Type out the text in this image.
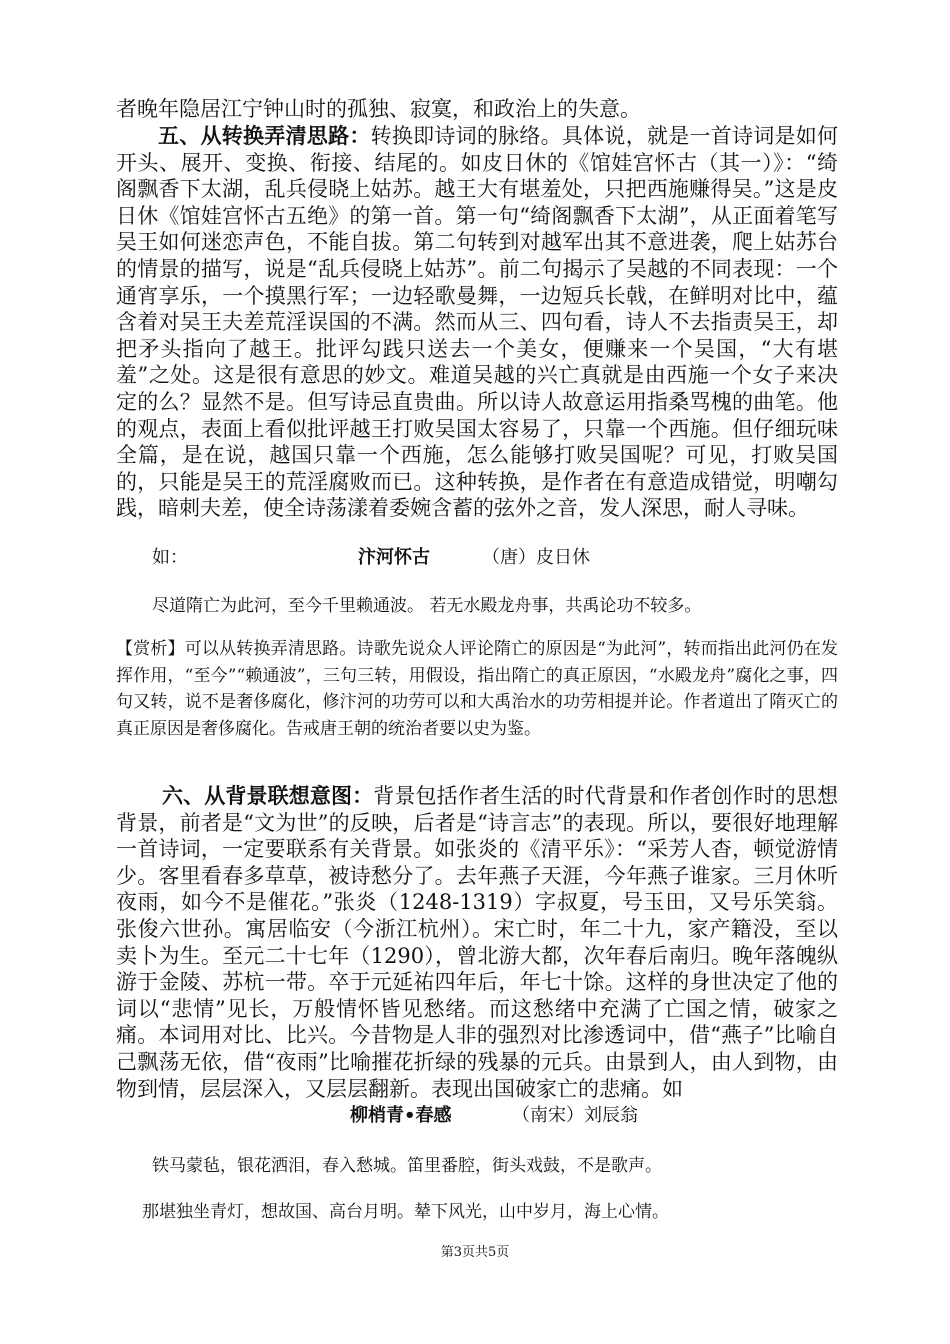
者晚年隐居江宁钟山时的孤独、寂寞，和政治上的失意。

五、从转换弄清思路：转换即诗词的脉络。具体说，就是一首诗词是如何开头、展开、变换、衔接、结尾的。如皮日休的《馆娃宫怀古（其一）》：“绮阁飘香下太湖，乱兵侵晓上姑苏。越王大有堪羞处，只把西施赚得吴。”这是皮日休《馆娃宫怀古五绝》的第一首。第一句“绮阁飘香下太湖”，从正面着笔写吴王如何迷恋声色，不能自拔。第二句转到对越军出其不意进袭，爬上姑苏台的情景的描写，说是“乱兵侵晓上姑苏”。前二句揭示了吴越的不同表现：一个通宵享乐，一个摸黑行军；一边轻歌曼舞，一边短兵长戟，在鲜明对比中，蕴含着对吴王夫差荒淫误国的不满。然而从三、四句看，诗人不去指责吴王，却把矛头指向了越王。批评勾践只送去一个美女，便赚来一个吴国，“大有堪羞”之处。这是很有意思的妙文。难道吴越的兴亡真就是由西施一个女子来决定的么？显然不是。但写诗忌直贵曲。所以诗人故意运用指桑骂槐的曲笔。他的观点，表面上看似批评越王打败吴国太容易了，只靠一个西施。但仔细玩味全篇，是在说，越国只靠一个西施，怎么能够打败吴国呢？可见，打败吴国的，只能是吴王的荒淫腐败而已。这种转换，是作者在有意造成错觉，明嘲勾践，暗刺夫差，使全诗荡漾着委婉含蓄的弦外之音，发人深思，耐人寻味。

如：	汴河怀古	（唐）皮日休
尽道隋亡为此河，至今千里赖通波。 若无水殿龙舟事，共禹论功不较多。

【赏析】可以从转换弄清思路。诗歌先说众人评论隋亡的原因是“为此河”，转而指出此河仍在发挥作用，“至今”“赖通波”，三句三转，用假设，指出隋亡的真正原因，“水殿龙舟”腐化之事，四句又转，说不是奢侈腐化，修汴河的功劳可以和大禹治水的功劳相提并论。作者道出了隋灭亡的真正原因是奢侈腐化。告戒唐王朝的统治者要以史为鉴。

六、从背景联想意图：背景包括作者生活的时代背景和作者创作时的思想背景，前者是“文为世”的反映，后者是“诗言志”的表现。所以，要很好地理解一首诗词，一定要联系有关背景。如张炎的《清平乐》：“采芳人杳，顿觉游情少。客里看春多草草，被诗愁分了。去年燕子天涯，今年燕子谁家。三月休听夜雨，如今不是催花。”张炎（1248-1319）字叔夏，号玉田，又号乐笑翁。张俊六世孙。寓居临安（今浙江杭州）。宋亡时，年二十九，家产籍没，至以卖卜为生。至元二十七年（1290），曾北游大都，次年春后南归。晚年落魄纵游于金陵、苏杭一带。卒于元延祐四年后，年七十馀。这样的身世决定了他的词以“悲情”见长，万般情怀皆见愁绪。而这愁绪中充满了亡国之情，破家之痛。本词用对比、比兴。今昔物是人非的强烈对比渗透词中，借“燕子”比喻自己飘荡无依，借“夜雨”比喻摧花折绿的残暴的元兵。由景到人，由人到物，由物到情，层层深入，又层层翻新。表现出国破家亡的悲痛。如

柳梢青•春感	（南宋）刘辰翁
铁马蒙毡，银花洒泪，春入愁城。笛里番腔，街头戏鼓，不是歌声。
那堪独坐青灯，想故国、高台月明。辇下风光，山中岁月，海上心情。
第3页共5页
